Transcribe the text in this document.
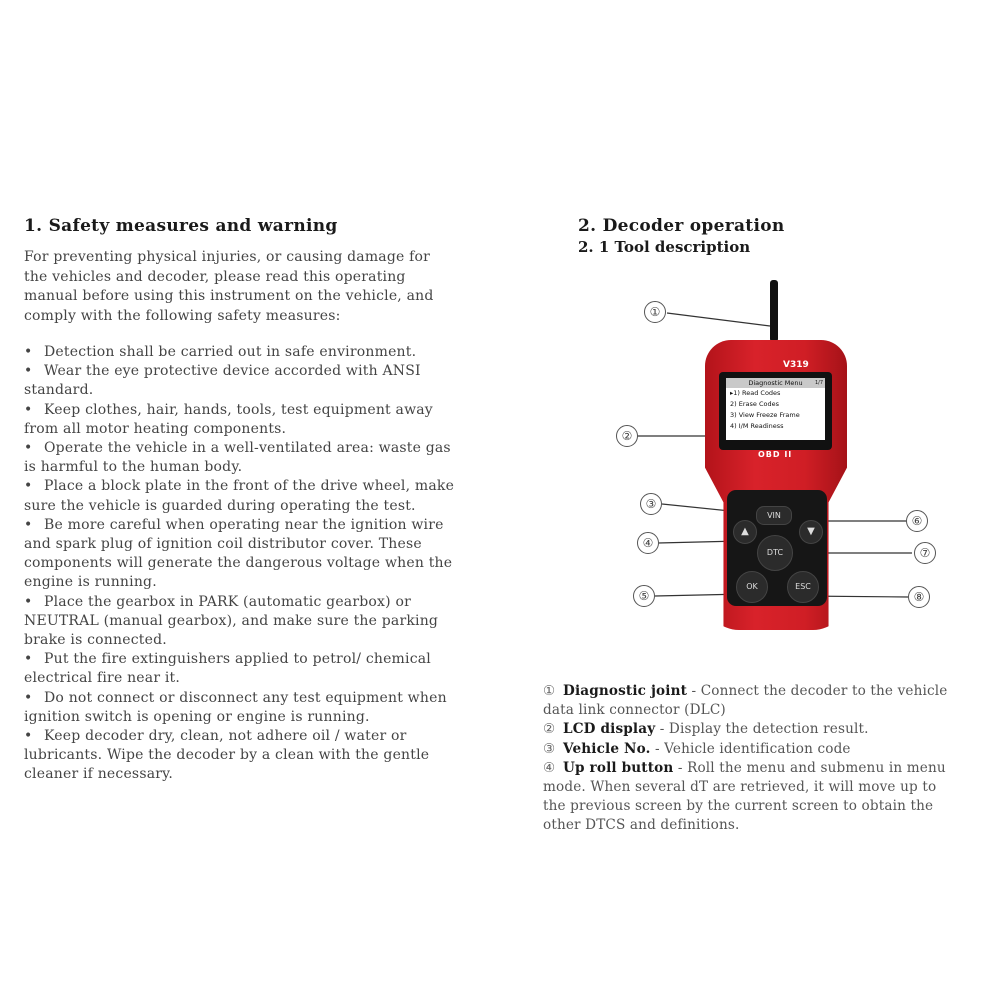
1. Safety measures and warning

For preventing physical injuries, or causing damage for
the vehicles and decoder, please read this operating
manual before using this instrument on the vehicle, and
comply with the following safety measures:

• Detection shall be carried out in safe environment.
• Wear the eye protective device accorded with ANSI
standard.
• Keep clothes, hair, hands, tools, test equipment away
from all motor heating components.
• Operate the vehicle in a well-ventilated area: waste gas
is harmful to the human body.
• Place a block plate in the front of the drive wheel, make
sure the vehicle is guarded during operating the test.
• Be more careful when operating near the ignition wire
and spark plug of ignition coil distributor cover. These
components will generate the dangerous voltage when the
engine is running.
• Place the gearbox in PARK (automatic gearbox) or
NEUTRAL (manual gearbox), and make sure the parking
brake is connected.
• Put the fire extinguishers applied to petrol/ chemical
electrical fire near it.
• Do not connect or disconnect any test equipment when
ignition switch is opening or engine is running.
• Keep decoder dry, clean, not adhere oil / water or
lubricants. Wipe the decoder by a clean with the gentle
cleaner if necessary.
2. Decoder operation
2. 1 Tool description
V319
Diagnostic Menu 1/7
▸1) Read Codes
2) Erase Codes
3) View Freeze Frame
4) I/M Readiness
OBD II
VIN
▲	▼
DTC
OK	ESC
①
②
③
④
⑤
⑥
⑦
⑧

① Diagnostic joint - Connect the decoder to the vehicle

data link connector (DLC)

② LCD display - Display the detection result.

③ Vehicle No. - Vehicle identification code

④ Up roll button - Roll the menu and submenu in menu

mode. When several dT are retrieved, it will move up to

the previous screen by the current screen to obtain the

other DTCS and definitions.
